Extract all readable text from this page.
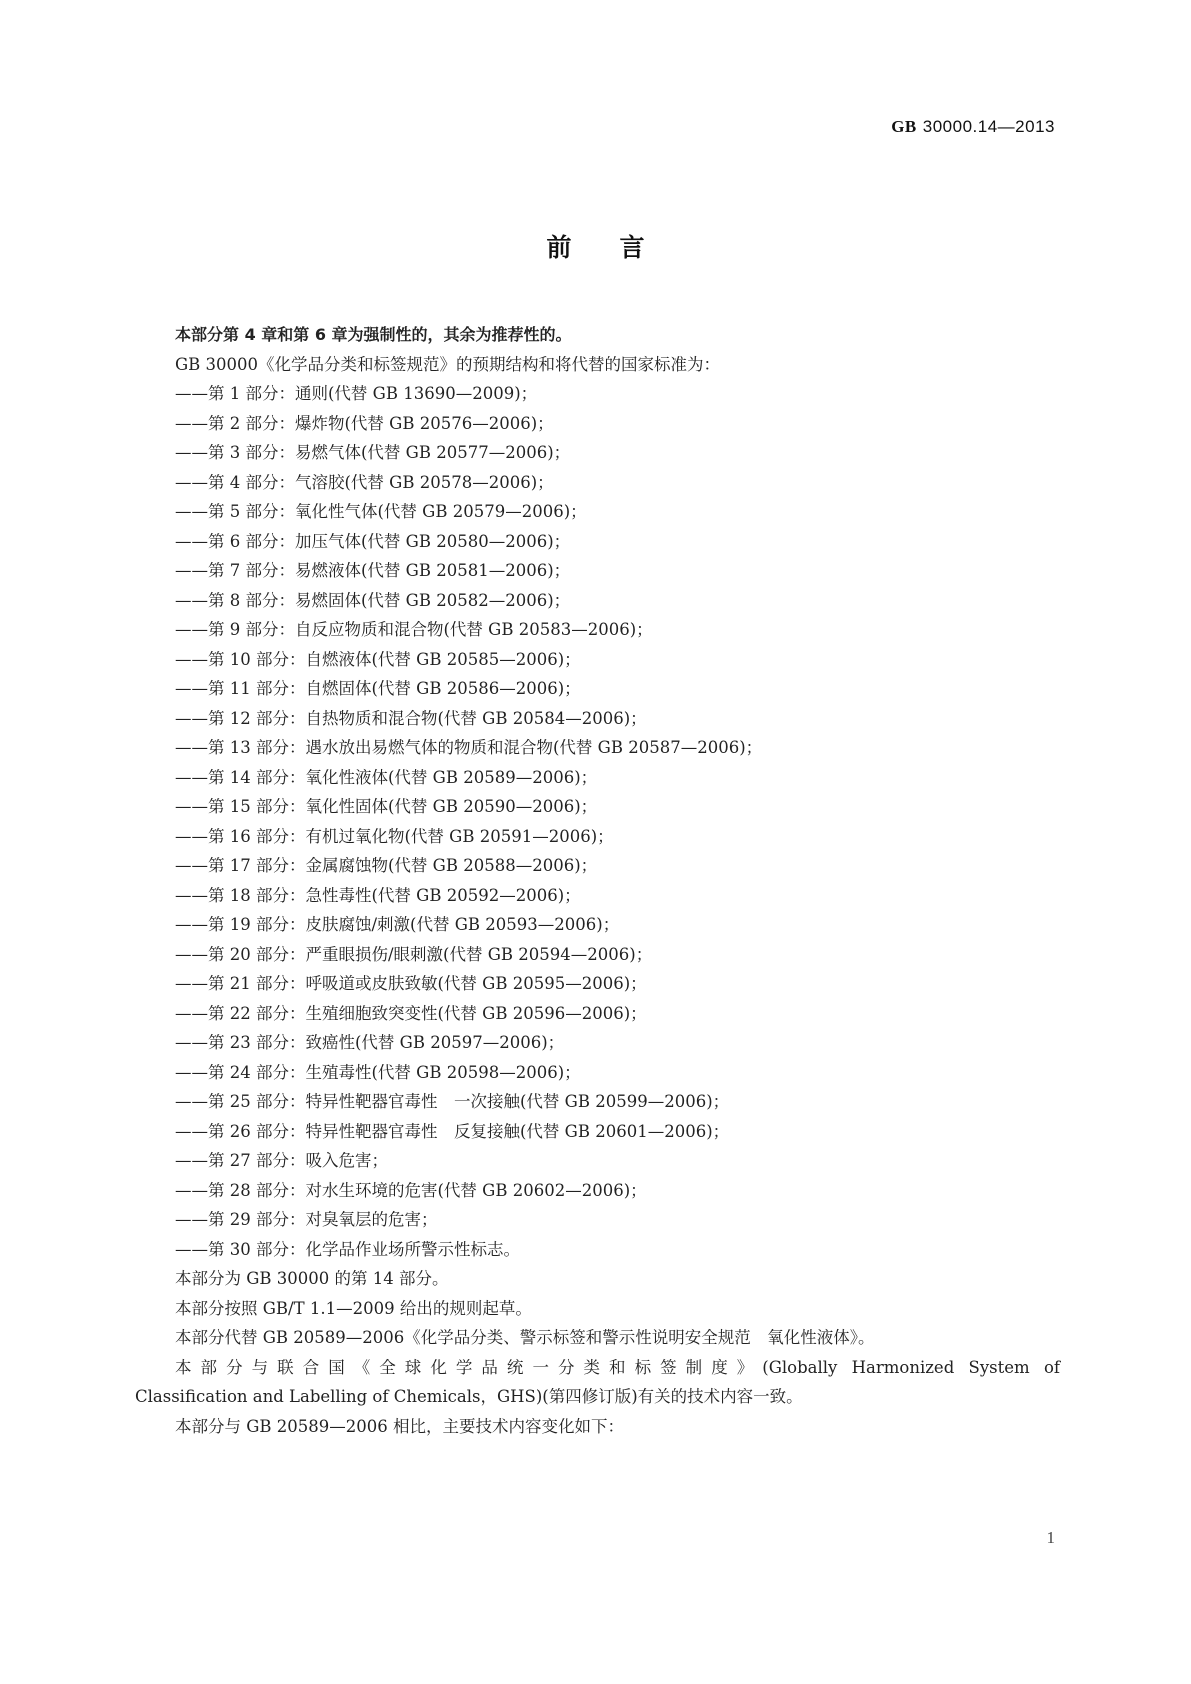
GB 30000.14—2013
前言
本部分第 4 章和第 6 章为强制性的，其余为推荐性的。
GB 30000《化学品分类和标签规范》的预期结构和将代替的国家标准为：
——第 1 部分：通则(代替 GB 13690—2009)；
——第 2 部分：爆炸物(代替 GB 20576—2006)；
——第 3 部分：易燃气体(代替 GB 20577—2006)；
——第 4 部分：气溶胶(代替 GB 20578—2006)；
——第 5 部分：氧化性气体(代替 GB 20579—2006)；
——第 6 部分：加压气体(代替 GB 20580—2006)；
——第 7 部分：易燃液体(代替 GB 20581—2006)；
——第 8 部分：易燃固体(代替 GB 20582—2006)；
——第 9 部分：自反应物质和混合物(代替 GB 20583—2006)；
——第 10 部分：自燃液体(代替 GB 20585—2006)；
——第 11 部分：自燃固体(代替 GB 20586—2006)；
——第 12 部分：自热物质和混合物(代替 GB 20584—2006)；
——第 13 部分：遇水放出易燃气体的物质和混合物(代替 GB 20587—2006)；
——第 14 部分：氧化性液体(代替 GB 20589—2006)；
——第 15 部分：氧化性固体(代替 GB 20590—2006)；
——第 16 部分：有机过氧化物(代替 GB 20591—2006)；
——第 17 部分：金属腐蚀物(代替 GB 20588—2006)；
——第 18 部分：急性毒性(代替 GB 20592—2006)；
——第 19 部分：皮肤腐蚀/刺激(代替 GB 20593—2006)；
——第 20 部分：严重眼损伤/眼刺激(代替 GB 20594—2006)；
——第 21 部分：呼吸道或皮肤致敏(代替 GB 20595—2006)；
——第 22 部分：生殖细胞致突变性(代替 GB 20596—2006)；
——第 23 部分：致癌性(代替 GB 20597—2006)；
——第 24 部分：生殖毒性(代替 GB 20598—2006)；
——第 25 部分：特异性靶器官毒性　一次接触(代替 GB 20599—2006)；
——第 26 部分：特异性靶器官毒性　反复接触(代替 GB 20601—2006)；
——第 27 部分：吸入危害；
——第 28 部分：对水生环境的危害(代替 GB 20602—2006)；
——第 29 部分：对臭氧层的危害；
——第 30 部分：化学品作业场所警示性标志。
本部分为 GB 30000 的第 14 部分。
本部分按照 GB/T 1.1—2009 给出的规则起草。
本部分代替 GB 20589—2006《化学品分类、警示标签和警示性说明安全规范　氧化性液体》。
本部分与联合国《全球化学品统一分类和标签制度》(Globally Harmonized System of
Classification and Labelling of Chemicals，GHS)(第四修订版)有关的技术内容一致。
本部分与 GB 20589—2006 相比，主要技术内容变化如下：
1
